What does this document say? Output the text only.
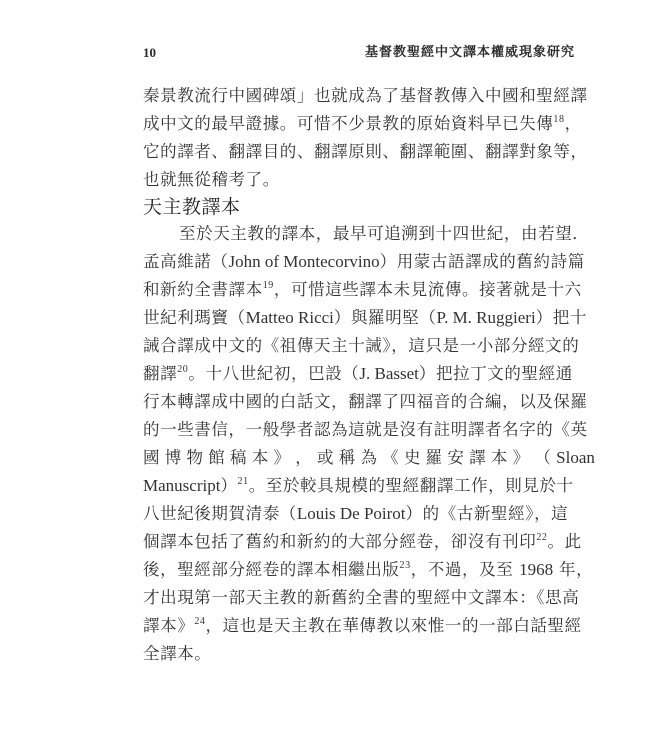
10	基督教聖經中文譯本權威現象研究
秦景教流行中國碑頌」也就成為了基督教傳入中國和聖經譯
成中文的最早證據。可惜不少景教的原始資料早已失傳$^{18}$，
它的譯者、翻譯目的、翻譯原則、翻譯範圍、翻譯對象等，
也就無從稽考了。
天主教譯本
至於天主教的譯本，最早可追溯到十四世紀，由若望．
孟高維諾（John of Montecorvino）用蒙古語譯成的舊約詩篇
和新約全書譯本$^{19}$，可惜這些譯本未見流傳。接著就是十六
世紀利瑪竇（Matteo Ricci）與羅明堅（P. M. Ruggieri）把十
誡合譯成中文的《祖傳天主十誡》，這只是一小部分經文的
翻譯$^{20}$。十八世紀初，巴設（J. Basset）把拉丁文的聖經通
行本轉譯成中國的白話文，翻譯了四福音的合編，以及保羅
的一些書信，一般學者認為這就是沒有註明譯者名字的《英
國 博 物 館 稿 本 》 ， 或 稱 為 《 史 羅 安 譯 本 》 （ Sloan
Manuscript）$^{21}$。至於較具規模的聖經翻譯工作，則見於十
八世紀後期賀清泰（Louis De Poirot）的《古新聖經》，這
個譯本包括了舊約和新約的大部分經卷，卻沒有刊印$^{22}$。此
後，聖經部分經卷的譯本相繼出版$^{23}$，不過，及至 1968 年，
才出現第一部天主教的新舊約全書的聖經中文譯本：《思高
譯本》$^{24}$，這也是天主教在華傳教以來惟一的一部白話聖經
全譯本。
